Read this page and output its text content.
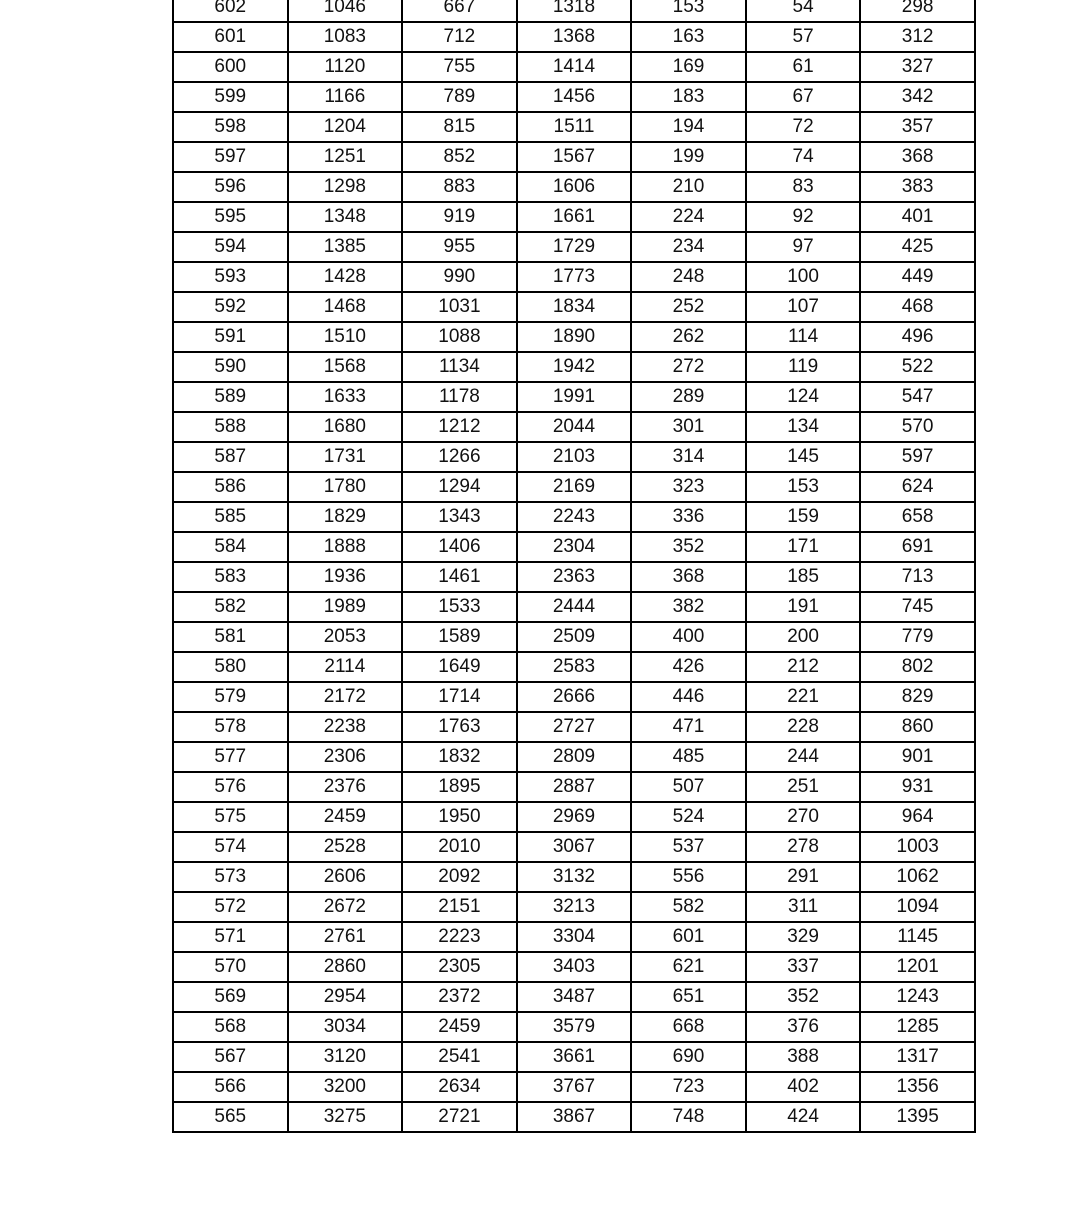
602	1046	667	1318	153	54	298
601	1083	712	1368	163	57	312
600	1120	755	1414	169	61	327
599	1166	789	1456	183	67	342
598	1204	815	1511	194	72	357
597	1251	852	1567	199	74	368
596	1298	883	1606	210	83	383
595	1348	919	1661	224	92	401
594	1385	955	1729	234	97	425
593	1428	990	1773	248	100	449
592	1468	1031	1834	252	107	468
591	1510	1088	1890	262	114	496
590	1568	1134	1942	272	119	522
589	1633	1178	1991	289	124	547
588	1680	1212	2044	301	134	570
587	1731	1266	2103	314	145	597
586	1780	1294	2169	323	153	624
585	1829	1343	2243	336	159	658
584	1888	1406	2304	352	171	691
583	1936	1461	2363	368	185	713
582	1989	1533	2444	382	191	745
581	2053	1589	2509	400	200	779
580	2114	1649	2583	426	212	802
579	2172	1714	2666	446	221	829
578	2238	1763	2727	471	228	860
577	2306	1832	2809	485	244	901
576	2376	1895	2887	507	251	931
575	2459	1950	2969	524	270	964
574	2528	2010	3067	537	278	1003
573	2606	2092	3132	556	291	1062
572	2672	2151	3213	582	311	1094
571	2761	2223	3304	601	329	1145
570	2860	2305	3403	621	337	1201
569	2954	2372	3487	651	352	1243
568	3034	2459	3579	668	376	1285
567	3120	2541	3661	690	388	1317
566	3200	2634	3767	723	402	1356
565	3275	2721	3867	748	424	1395
